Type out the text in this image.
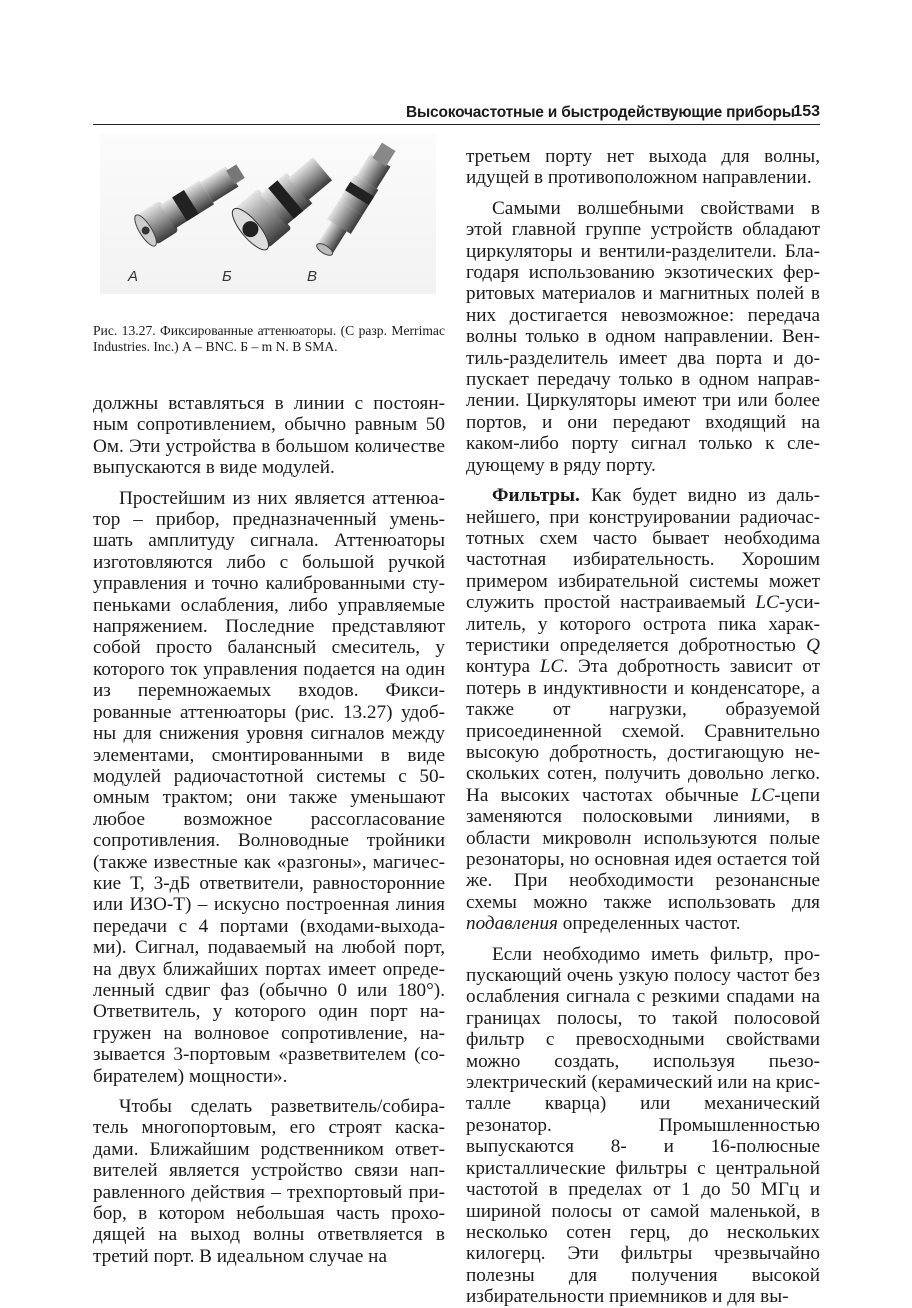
Высокочастотные и быстродействующие приборы
153
А	Б	В
Рис. 13.27. Фиксированные аттенюаторы. (С разр. Merrimac Industries. Inc.) А – BNC. Б – m N. В SMA.

должны вставляться в линии с постоянным сопротивлением, обычно равным 50 Ом. Эти устройства в большом количестве выпускаются в виде модулей.

Простейшим из них является аттенюатор – прибор, предназначенный уменьшать амплитуду сигнала. Аттенюаторы изготовляются либо с большой ручкой управления и точно калиброванными ступеньками ослабления, либо управляемые напряжением. Последние представляют собой просто балансный смеситель, у которого ток управления подается на один из перемножаемых входов. Фиксированные аттенюаторы (рис. 13.27) удобны для снижения уровня сигналов между элементами, смонтированными в виде модулей радиочастотной системы с 50-омным трактом; они также уменьшают любое возможное рассогласование сопротивления. Волноводные тройники (также известные как «разгоны», магические Т, 3-дБ ответвители, равносторонние или ИЗО-Т) – искусно построенная линия передачи с 4 портами (входами-выходами). Сигнал, подаваемый на любой порт, на двух ближайших портах имеет определенный сдвиг фаз (обычно 0 или 180°). Ответвитель, у которого один порт нагружен на волновое сопротивление, называется 3-портовым «разветвителем (собирателем) мощности».

Чтобы сделать разветвитель/собиратель многопортовым, его строят каскадами. Ближайшим родственником ответвителей является устройство связи направленного действия – трехпортовый прибор, в котором небольшая часть проходящей на выход волны ответвляется в третий порт. В идеальном случае на

третьем порту нет выхода для волны, идущей в противоположном направлении.

Самыми волшебными свойствами в этой главной группе устройств обладают циркуляторы и вентили-разделители. Благодаря использованию экзотических ферритовых материалов и магнитных полей в них достигается невозможное: передача волны только в одном направлении. Вентиль-разделитель имеет два порта и допускает передачу только в одном направлении. Циркуляторы имеют три или более портов, и они передают входящий на каком-либо порту сигнал только к следующему в ряду порту.

Фильтры. Как будет видно из дальнейшего, при конструировании радиочастотных схем часто бывает необходима частотная избирательность. Хорошим примером избирательной системы может служить простой настраиваемый LC-усилитель, у которого острота пика характеристики определяется добротностью Q контура LC. Эта добротность зависит от потерь в индуктивности и конденсаторе, а также от нагрузки, образуемой присоединенной схемой. Сравнительно высокую добротность, достигающую нескольких сотен, получить довольно легко. На высоких частотах обычные LC-цепи заменяются полосковыми линиями, в области микроволн используются полые резонаторы, но основная идея остается той же. При необходимости резонансные схемы можно также использовать для подавления определенных частот.

Если необходимо иметь фильтр, пропускающий очень узкую полосу частот без ослабления сигнала с резкими спадами на границах полосы, то такой полосовой фильтр с превосходными свойствами можно создать, используя пьезоэлектрический (керамический или на кристалле кварца) или механический резонатор. Промышленностью выпускаются 8- и 16-полюсные кристаллические фильтры с центральной частотой в пределах от 1 до 50 МГц и шириной полосы от самой маленькой, в несколько сотен герц, до нескольких килогерц. Эти фильтры чрезвычайно полезны для получения высокой избирательности приемников и для вы-
